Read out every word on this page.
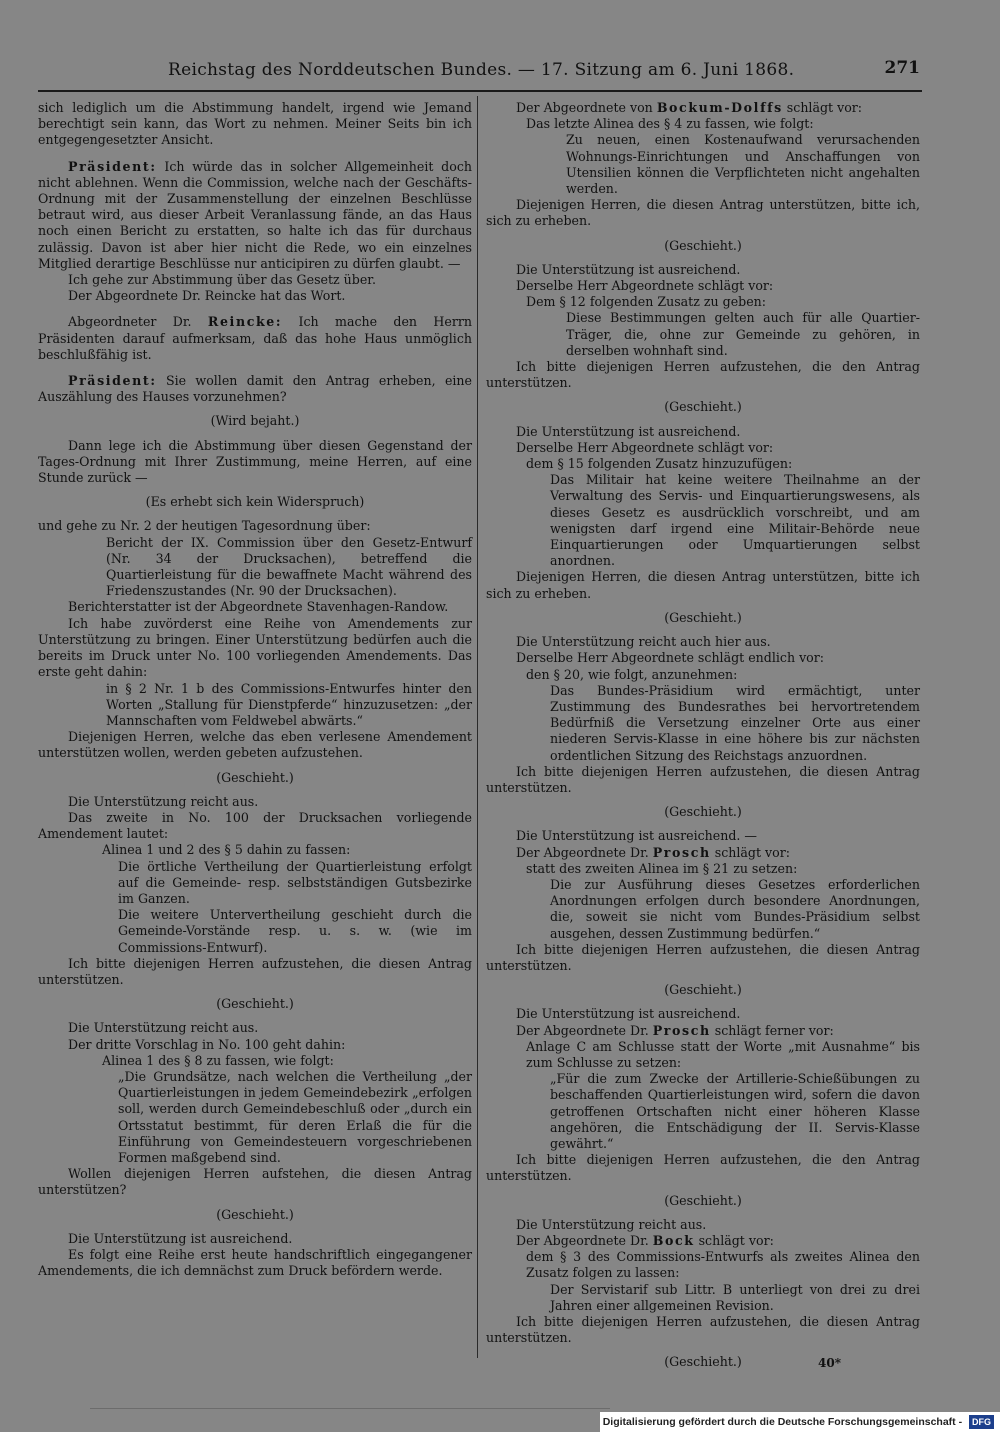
Reichstag des Norddeutschen Bundes. — 17. Sitzung am 6. Juni 1868.	271

sich lediglich um die Abstimmung handelt, irgend wie Jemand berechtigt sein kann, das Wort zu nehmen. Meiner Seits bin ich entgegengesetzter Ansicht.

Präsident: Ich würde das in solcher Allgemeinheit doch nicht ablehnen. Wenn die Commission, welche nach der Geschäfts-Ordnung mit der Zusammenstellung der einzelnen Beschlüsse betraut wird, aus dieser Arbeit Veranlassung fände, an das Haus noch einen Bericht zu erstatten, so halte ich das für durchaus zulässig. Davon ist aber hier nicht die Rede, wo ein einzelnes Mitglied derartige Beschlüsse nur anticipiren zu dürfen glaubt. —

Ich gehe zur Abstimmung über das Gesetz über.

Der Abgeordnete Dr. Reincke hat das Wort.

Abgeordneter Dr. Reincke: Ich mache den Herrn Präsidenten darauf aufmerksam, daß das hohe Haus unmöglich beschlußfähig ist.

Präsident: Sie wollen damit den Antrag erheben, eine Auszählung des Hauses vorzunehmen?

(Wird bejaht.)

Dann lege ich die Abstimmung über diesen Gegenstand der Tages-Ordnung mit Ihrer Zustimmung, meine Herren, auf eine Stunde zurück —

(Es erhebt sich kein Widerspruch)

und gehe zu Nr. 2 der heutigen Tagesordnung über:

Bericht der IX. Commission über den Gesetz-Entwurf (Nr. 34 der Drucksachen), betreffend die Quartierleistung für die bewaffnete Macht während des Friedenszustandes (Nr. 90 der Drucksachen).

Berichterstatter ist der Abgeordnete Stavenhagen-Randow.

Ich habe zuvörderst eine Reihe von Amendements zur Unterstützung zu bringen. Einer Unterstützung bedürfen auch die bereits im Druck unter No. 100 vorliegenden Amendements. Das erste geht dahin:

in § 2 Nr. 1 b des Commissions-Entwurfes hinter den Worten „Stallung für Dienstpferde“ hinzuzusetzen: „der Mannschaften vom Feldwebel abwärts.“

Diejenigen Herren, welche das eben verlesene Amendement unterstützen wollen, werden gebeten aufzustehen.

(Geschieht.)

Die Unterstützung reicht aus.

Das zweite in No. 100 der Drucksachen vorliegende Amendement lautet:

Alinea 1 und 2 des § 5 dahin zu fassen:

Die örtliche Vertheilung der Quartierleistung erfolgt auf die Gemeinde- resp. selbstständigen Gutsbezirke im Ganzen.

Die weitere Untervertheilung geschieht durch die Gemeinde-Vorstände resp. u. s. w. (wie im Commissions-Entwurf).

Ich bitte diejenigen Herren aufzustehen, die diesen Antrag unterstützen.

(Geschieht.)

Die Unterstützung reicht aus.

Der dritte Vorschlag in No. 100 geht dahin:

Alinea 1 des § 8 zu fassen, wie folgt:

„Die Grundsätze, nach welchen die Vertheilung „der Quartierleistungen in jedem Gemeindebezirk „erfolgen soll, werden durch Gemeindebeschluß oder „durch ein Ortsstatut bestimmt, für deren Erlaß die für die Einführung von Gemeindesteuern vorgeschriebenen Formen maßgebend sind.

Wollen diejenigen Herren aufstehen, die diesen Antrag unterstützen?

(Geschieht.)

Die Unterstützung ist ausreichend.

Es folgt eine Reihe erst heute handschriftlich eingegangener Amendements, die ich demnächst zum Druck befördern werde.

Der Abgeordnete von Bockum-Dolffs schlägt vor:

Das letzte Alinea des § 4 zu fassen, wie folgt:

Zu neuen, einen Kostenaufwand verursachenden Wohnungs-Einrichtungen und Anschaffungen von Utensilien können die Verpflichteten nicht angehalten werden.

Diejenigen Herren, die diesen Antrag unterstützen, bitte ich, sich zu erheben.

(Geschieht.)

Die Unterstützung ist ausreichend.

Derselbe Herr Abgeordnete schlägt vor:

Dem § 12 folgenden Zusatz zu geben:

Diese Bestimmungen gelten auch für alle Quartier-Träger, die, ohne zur Gemeinde zu gehören, in derselben wohnhaft sind.

Ich bitte diejenigen Herren aufzustehen, die den Antrag unterstützen.

(Geschieht.)

Die Unterstützung ist ausreichend.

Derselbe Herr Abgeordnete schlägt vor:

dem § 15 folgenden Zusatz hinzuzufügen:

Das Militair hat keine weitere Theilnahme an der Verwaltung des Servis- und Einquartierungswesens, als dieses Gesetz es ausdrücklich vorschreibt, und am wenigsten darf irgend eine Militair-Behörde neue Einquartierungen oder Umquartierungen selbst anordnen.

Diejenigen Herren, die diesen Antrag unterstützen, bitte ich sich zu erheben.

(Geschieht.)

Die Unterstützung reicht auch hier aus.

Derselbe Herr Abgeordnete schlägt endlich vor:

den § 20, wie folgt, anzunehmen:

Das Bundes-Präsidium wird ermächtigt, unter Zustimmung des Bundesrathes bei hervortretendem Bedürfniß die Versetzung einzelner Orte aus einer niederen Servis-Klasse in eine höhere bis zur nächsten ordentlichen Sitzung des Reichstags anzuordnen.

Ich bitte diejenigen Herren aufzustehen, die diesen Antrag unterstützen.

(Geschieht.)

Die Unterstützung ist ausreichend. —

Der Abgeordnete Dr. Prosch schlägt vor:

statt des zweiten Alinea im § 21 zu setzen:

Die zur Ausführung dieses Gesetzes erforderlichen Anordnungen erfolgen durch besondere Anordnungen, die, soweit sie nicht vom Bundes-Präsidium selbst ausgehen, dessen Zustimmung bedürfen.“

Ich bitte diejenigen Herren aufzustehen, die diesen Antrag unterstützen.

(Geschieht.)

Die Unterstützung ist ausreichend.

Der Abgeordnete Dr. Prosch schlägt ferner vor:

Anlage C am Schlusse statt der Worte „mit Ausnahme“ bis zum Schlusse zu setzen:

„Für die zum Zwecke der Artillerie-Schießübungen zu beschaffenden Quartierleistungen wird, sofern die davon getroffenen Ortschaften nicht einer höheren Klasse angehören, die Entschädigung der II. Servis-Klasse gewährt.“

Ich bitte diejenigen Herren aufzustehen, die den Antrag unterstützen.

(Geschieht.)

Die Unterstützung reicht aus.

Der Abgeordnete Dr. Bock schlägt vor:

dem § 3 des Commissions-Entwurfs als zweites Alinea den Zusatz folgen zu lassen:

Der Servistarif sub Littr. B unterliegt von drei zu drei Jahren einer allgemeinen Revision.

Ich bitte diejenigen Herren aufzustehen, die diesen Antrag unterstützen.

(Geschieht.)	40*
Digitalisierung gefördert durch die Deutsche Forschungsgemeinschaft - DFG
